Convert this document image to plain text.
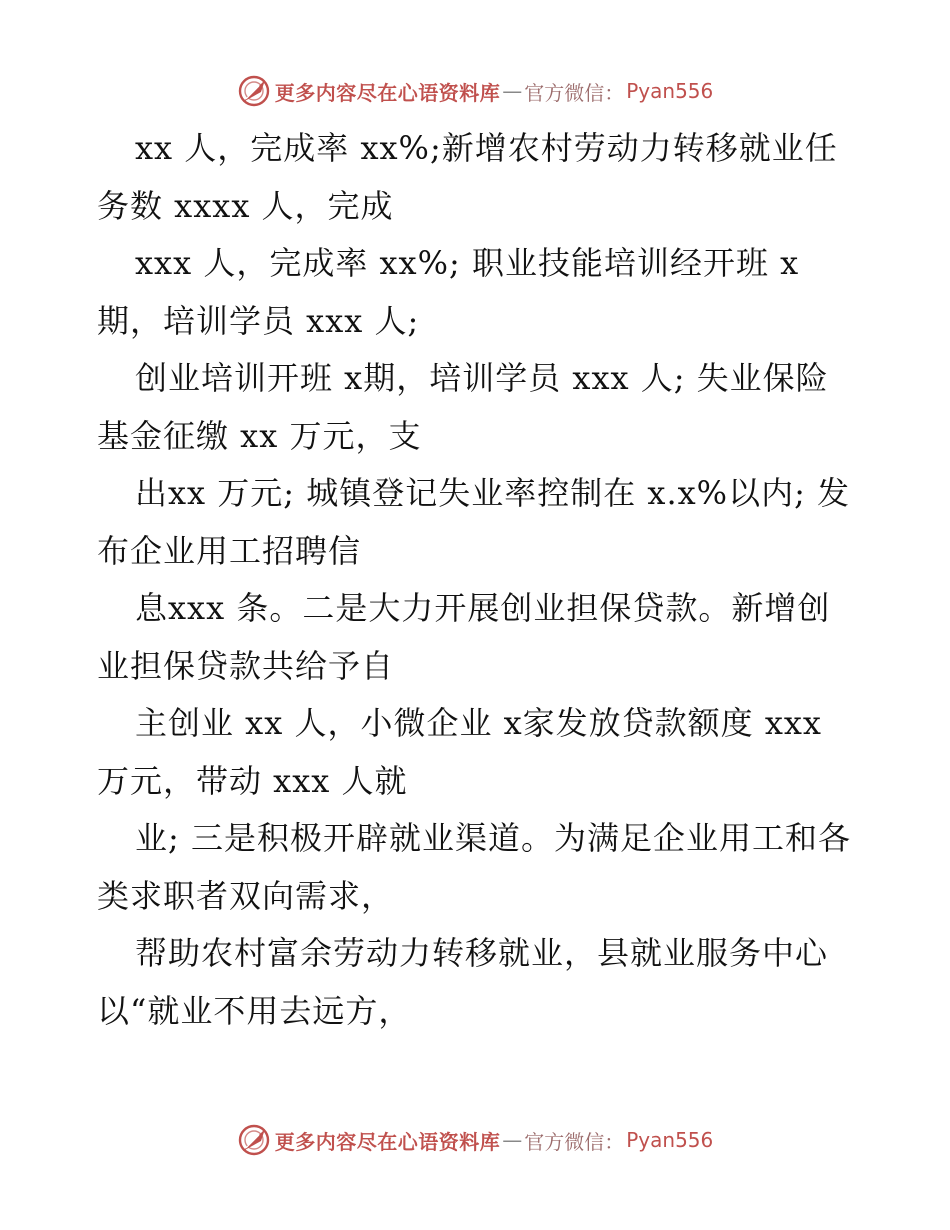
更多内容尽在心语资料库 — 官方微信： Pyan556

xx 人，完成率 xx%;新增农村劳动力转移就业任务数 xxxx 人，完成

xxx 人，完成率 xx%; 职业技能培训经开班 x 期，培训学员 xxx 人;

创业培训开班 x期，培训学员 xxx 人; 失业保险基金征缴 xx 万元，支

出xx 万元; 城镇登记失业率控制在 x.x%以内; 发布企业用工招聘信

息xxx 条。二是大力开展创业担保贷款。新增创业担保贷款共给予自

主创业 xx 人，小微企业 x家发放贷款额度 xxx 万元，带动 xxx 人就

业; 三是积极开辟就业渠道。为满足企业用工和各类求职者双向需求，

帮助农村富余劳动力转移就业，县就业服务中心以“就业不用去远方，

更多内容尽在心语资料库 — 官方微信： Pyan556
